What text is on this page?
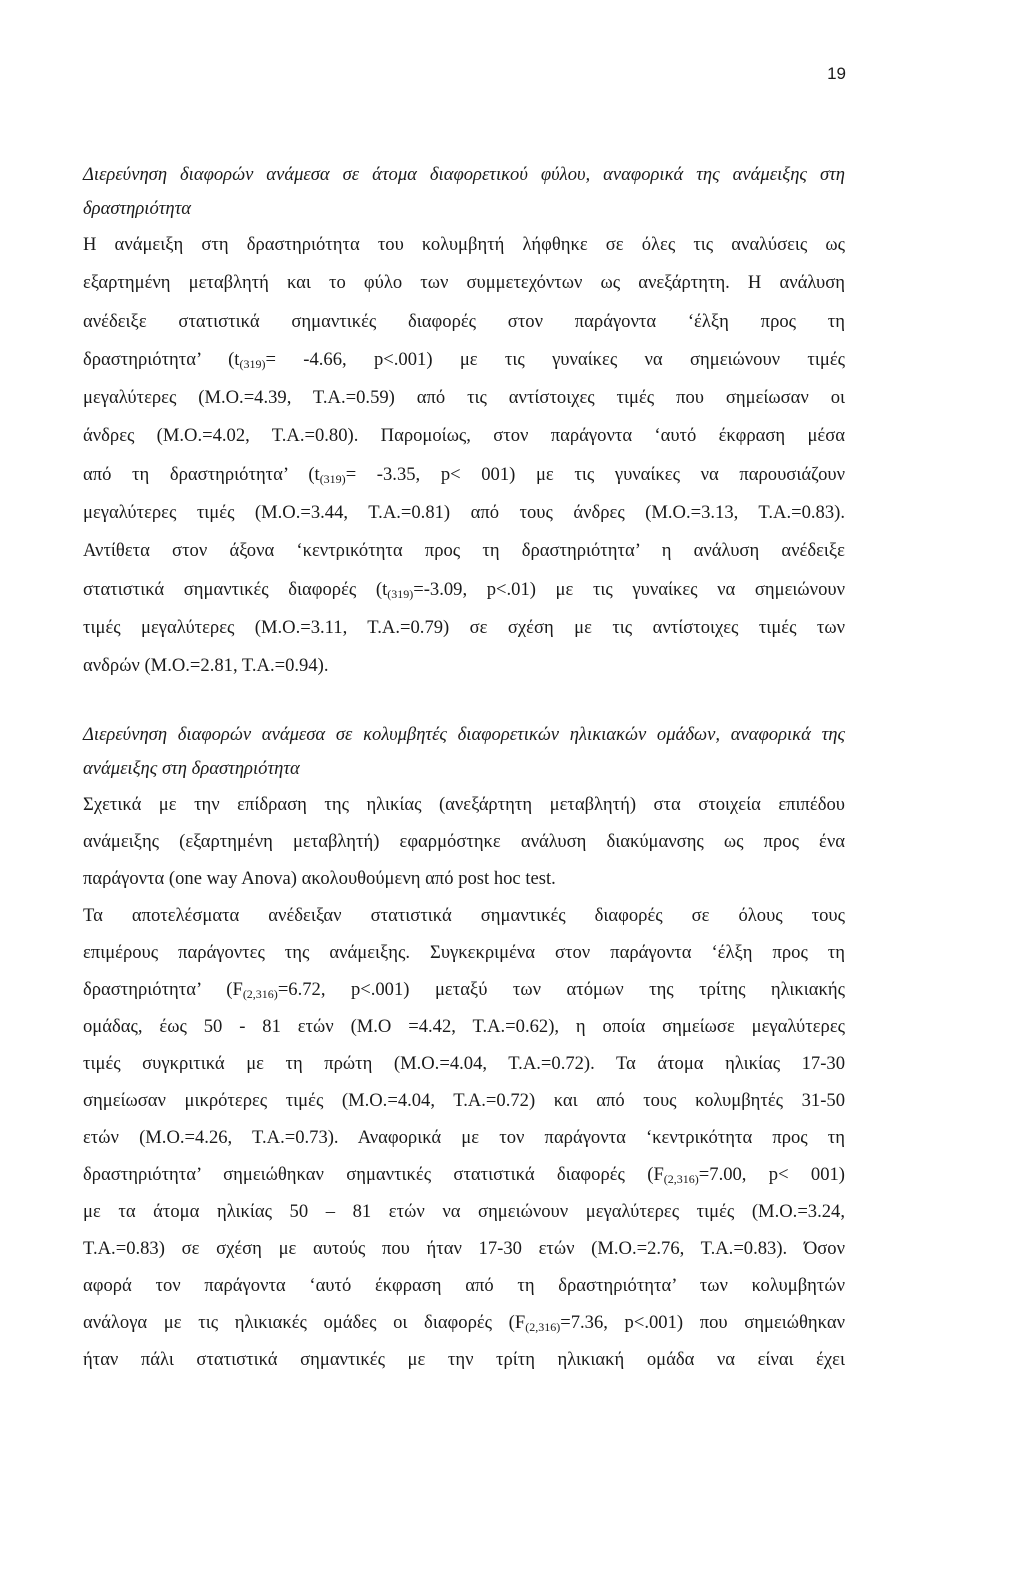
19

Διερεύνηση διαφορών ανάμεσα σε άτομα διαφορετικού φύλου, αναφορικά της ανάμειξης στη δραστηριότητα

Η ανάμειξη στη δραστηριότητα του κολυμβητή λήφθηκε σε όλες τις αναλύσεις ως
εξαρτημένη μεταβλητή και το φύλο των συμμετεχόντων ως ανεξάρτητη. Η ανάλυση
ανέδειξε στατιστικά σημαντικές διαφορές στον παράγοντα ‘έλξη προς τη
δραστηριότητα’ ($t_{(319)}= -4.66$, p<.001) με τις γυναίκες να σημειώνουν τιμές
μεγαλύτερες (Μ.Ο.=4.39, Τ.Α.=0.59) από τις αντίστοιχες τιμές που σημείωσαν οι
άνδρες (Μ.Ο.=4.02, Τ.Α.=0.80). Παρομοίως, στον παράγοντα ‘αυτό έκφραση μέσα
από τη δραστηριότητα’ ($t_{(319)}= -3.35$, p< 001) με τις γυναίκες να παρουσιάζουν
μεγαλύτερες τιμές (Μ.Ο.=3.44, Τ.Α.=0.81) από τους άνδρες (Μ.Ο.=3.13, Τ.Α.=0.83).
Αντίθετα στον άξονα ‘κεντρικότητα προς τη δραστηριότητα’ η ανάλυση ανέδειξε
στατιστικά σημαντικές διαφορές ($t_{(319)}=-3.09$, p<.01) με τις γυναίκες να σημειώνουν
τιμές μεγαλύτερες (Μ.Ο.=3.11, Τ.Α.=0.79) σε σχέση με τις αντίστοιχες τιμές των
ανδρών (Μ.Ο.=2.81, Τ.Α.=0.94).

Διερεύνηση διαφορών ανάμεσα σε κολυμβητές διαφορετικών ηλικιακών ομάδων, αναφορικά της ανάμειξης στη δραστηριότητα

Σχετικά με την επίδραση της ηλικίας (ανεξάρτητη μεταβλητή) στα στοιχεία επιπέδου
ανάμειξης (εξαρτημένη μεταβλητή) εφαρμόστηκε ανάλυση διακύμανσης ως προς ένα
παράγοντα (one way Anova) ακολουθούμενη από post hoc test.
Τα αποτελέσματα ανέδειξαν στατιστικά σημαντικές διαφορές σε όλους τους
επιμέρους παράγοντες της ανάμειξης. Συγκεκριμένα στον παράγοντα ‘έλξη προς τη
δραστηριότητα’ ($F_{(2,316)}=6.72$, p<.001) μεταξύ των ατόμων της τρίτης ηλικιακής
ομάδας, έως 50 - 81 ετών (Μ.Ο =4.42, Τ.Α.=0.62), η οποία σημείωσε μεγαλύτερες
τιμές συγκριτικά με τη πρώτη (Μ.Ο.=4.04, Τ.Α.=0.72). Τα άτομα ηλικίας 17-30
σημείωσαν μικρότερες τιμές (Μ.Ο.=4.04, Τ.Α.=0.72) και από τους κολυμβητές 31-50
ετών (Μ.Ο.=4.26, Τ.Α.=0.73). Αναφορικά με τον παράγοντα ‘κεντρικότητα προς τη
δραστηριότητα’ σημειώθηκαν σημαντικές στατιστικά διαφορές ($F_{(2,316)}=7.00$, p< 001)
με τα άτομα ηλικίας 50 – 81 ετών να σημειώνουν μεγαλύτερες τιμές (Μ.Ο.=3.24,
Τ.Α.=0.83) σε σχέση με αυτούς που ήταν 17-30 ετών (Μ.Ο.=2.76, Τ.Α.=0.83). Όσον
αφορά τον παράγοντα ‘αυτό έκφραση από τη δραστηριότητα’ των κολυμβητών
ανάλογα με τις ηλικιακές ομάδες οι διαφορές ($F_{(2,316)}=7.36$, p<.001) που σημειώθηκαν
ήταν πάλι στατιστικά σημαντικές με την τρίτη ηλικιακή ομάδα να είναι έχει
